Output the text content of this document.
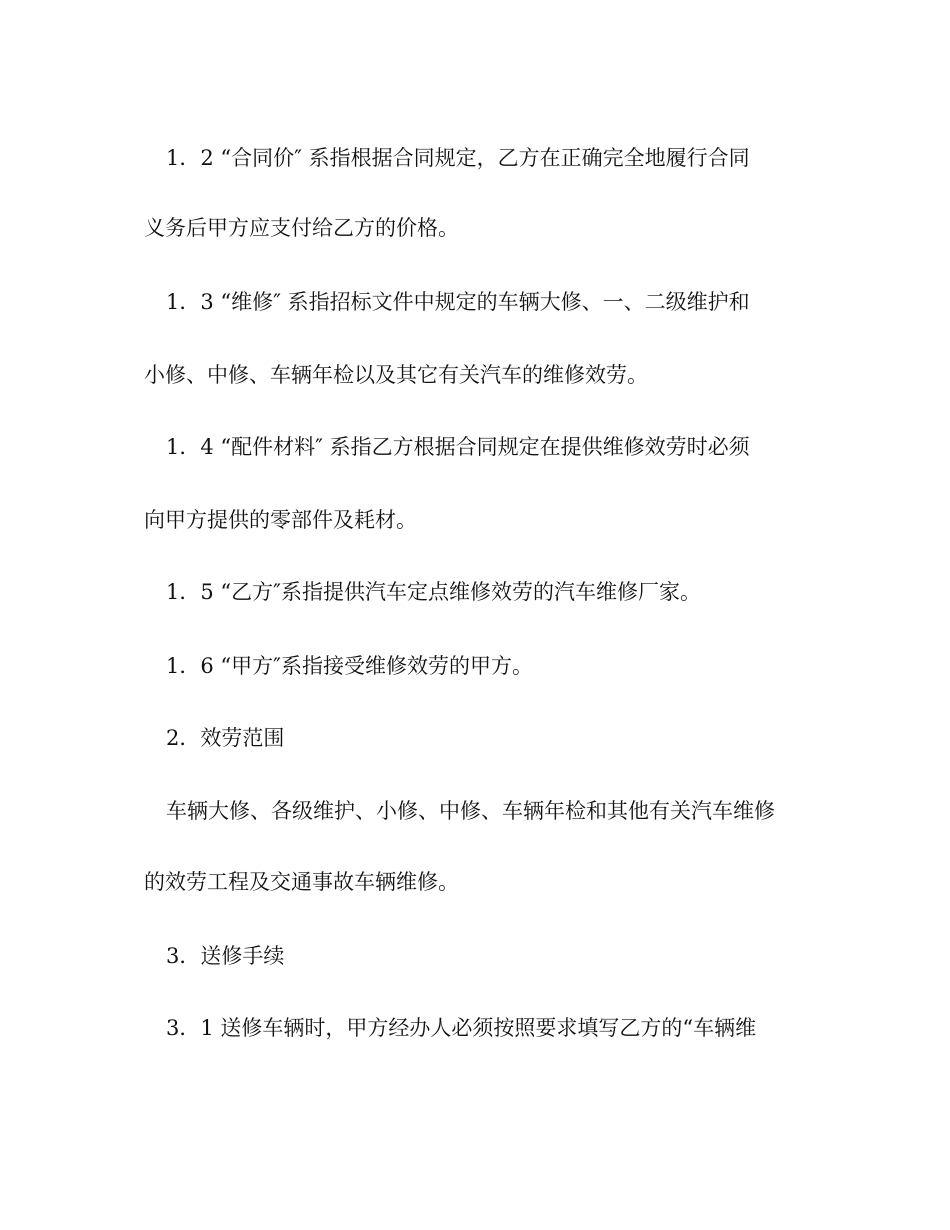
1．2 “合同价″ 系指根据合同规定，乙方在正确完全地履行合同
义务后甲方应支付给乙方的价格。
1．3 “维修″ 系指招标文件中规定的车辆大修、一、二级维护和
小修、中修、车辆年检以及其它有关汽车的维修效劳。
1．4 “配件材料″ 系指乙方根据合同规定在提供维修效劳时必须
向甲方提供的零部件及耗材。
1．5 “乙方″系指提供汽车定点维修效劳的汽车维修厂家。
1．6 “甲方″系指接受维修效劳的甲方。
2．效劳范围
车辆大修、各级维护、小修、中修、车辆年检和其他有关汽车维修
的效劳工程及交通事故车辆维修。
3．送修手续
3．1 送修车辆时，甲方经办人必须按照要求填写乙方的“车辆维
